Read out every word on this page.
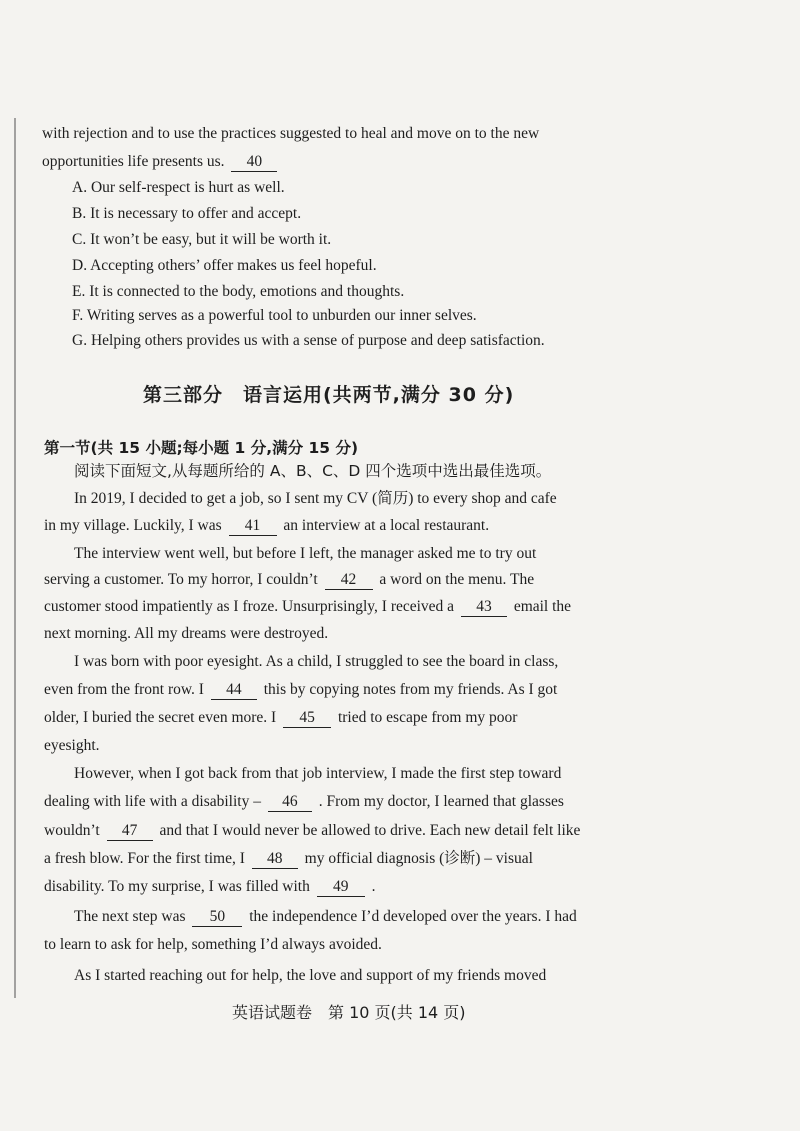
with rejection and to use the practices suggested to heal and move on to the new
opportunities life presents us. 40
A. Our self-respect is hurt as well.
B. It is necessary to offer and accept.
C. It won’t be easy, but it will be worth it.
D. Accepting others’ offer makes us feel hopeful.
E. It is connected to the body, emotions and thoughts.
F. Writing serves as a powerful tool to unburden our inner selves.
G. Helping others provides us with a sense of purpose and deep satisfaction.
第三部分　语言运用(共两节,满分 30 分)
第一节(共 15 小题;每小题 1 分,满分 15 分)
阅读下面短文,从每题所给的 A、B、C、D 四个选项中选出最佳选项。
In 2019, I decided to get a job, so I sent my CV (简历) to every shop and cafe
in my village. Luckily, I was 41 an interview at a local restaurant.
The interview went well, but before I left, the manager asked me to try out
serving a customer. To my horror, I couldn’t 42 a word on the menu. The
customer stood impatiently as I froze. Unsurprisingly, I received a 43 email the
next morning. All my dreams were destroyed.
I was born with poor eyesight. As a child, I struggled to see the board in class,
even from the front row. I 44 this by copying notes from my friends. As I got
older, I buried the secret even more. I 45 tried to escape from my poor
eyesight.
However, when I got back from that job interview, I made the first step toward
dealing with life with a disability – 46 . From my doctor, I learned that glasses
wouldn’t 47 and that I would never be allowed to drive. Each new detail felt like
a fresh blow. For the first time, I 48 my official diagnosis (诊断) – visual
disability. To my surprise, I was filled with 49 .
The next step was 50 the independence I’d developed over the years. I had
to learn to ask for help, something I’d always avoided.
As I started reaching out for help, the love and support of my friends moved
英语试题卷　第 10 页(共 14 页)
